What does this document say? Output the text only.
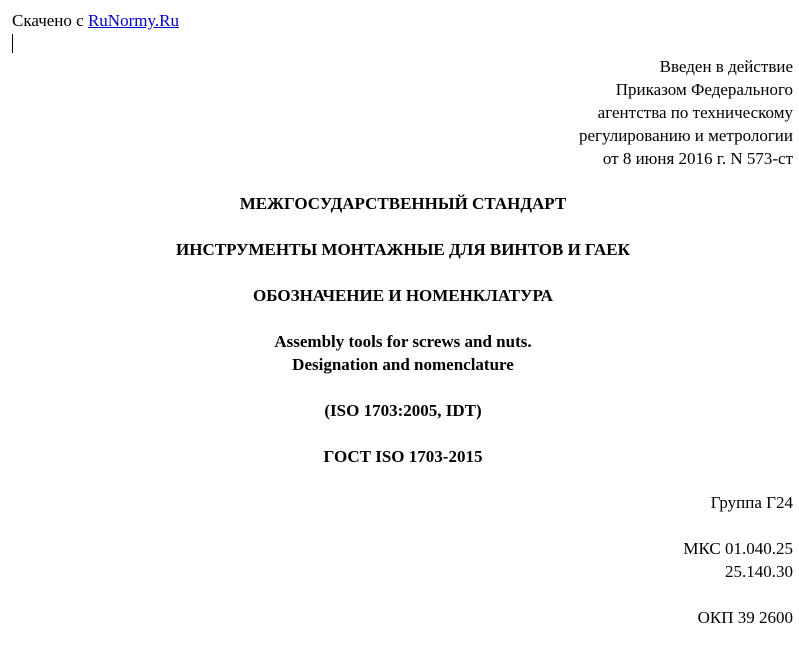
Скачено с RuNormy.Ru
Введен в действие
Приказом Федерального
агентства по техническому
регулированию и метрологии
от 8 июня 2016 г. N 573-ст
МЕЖГОСУДАРСТВЕННЫЙ СТАНДАРТ
ИНСТРУМЕНТЫ МОНТАЖНЫЕ ДЛЯ ВИНТОВ И ГАЕК
ОБОЗНАЧЕНИЕ И НОМЕНКЛАТУРА
Assembly tools for screws and nuts.
Designation and nomenclature
(ISO 1703:2005, IDT)
ГОСТ ISO 1703-2015
Группа Г24
МКС 01.040.25
25.140.30
ОКП 39 2600
